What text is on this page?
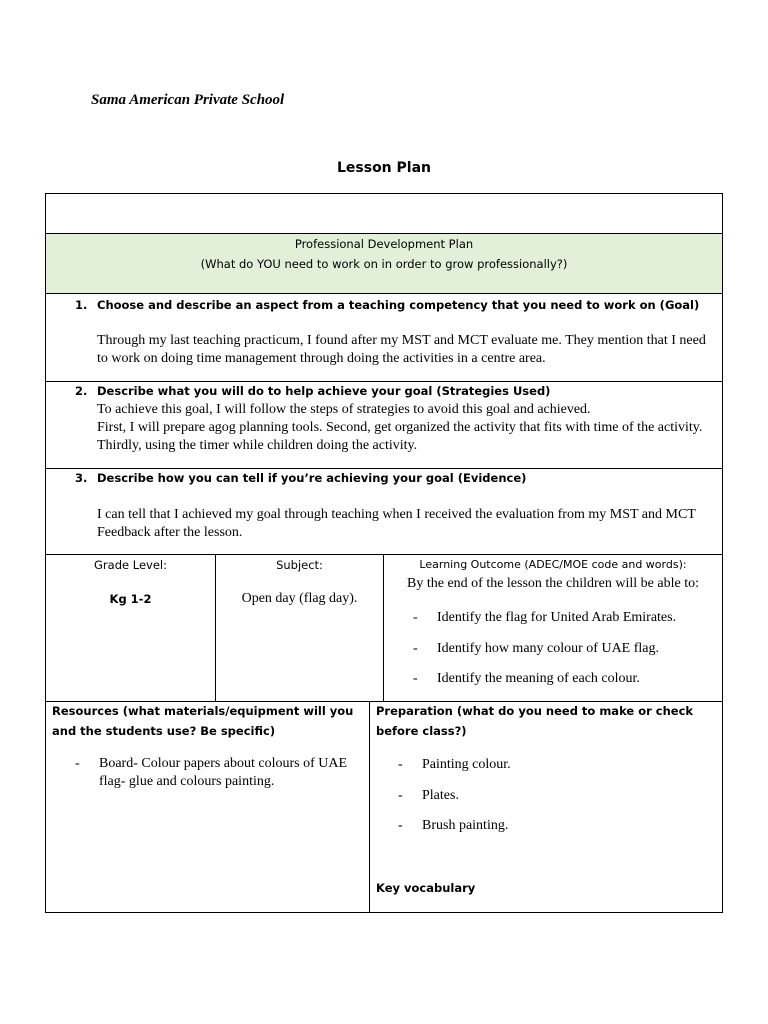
Sama American Private School
Lesson Plan
Professional Development Plan
(What do YOU need to work on in order to grow professionally?)
1. Choose and describe an aspect from a teaching competency that you need to work on (Goal)
Through my last teaching practicum, I found after my MST and MCT evaluate me. They mention that I need to work on doing time management through doing the activities in a centre area.
2. Describe what you will do to help achieve your goal (Strategies Used)
To achieve this goal, I will follow the steps of strategies to avoid this goal and achieved.
First, I will prepare agog planning tools. Second, get organized the activity that fits with time of the activity. Thirdly, using the timer while children doing the activity.
3. Describe how you can tell if you’re achieving your goal (Evidence)
I can tell that I achieved my goal through teaching when I received the evaluation from my MST and MCT Feedback after the lesson.
Grade Level:
Kg 1-2
Subject:
Open day (flag day).
Learning Outcome (ADEC/MOE code and words):
By the end of the lesson the children will be able to:
- Identify the flag for United Arab Emirates.
- Identify how many colour of UAE flag.
- Identify the meaning of each colour.
Resources (what materials/equipment will you and the students use? Be specific)
- Board- Colour papers about colours of UAE flag- glue and colours painting.
Preparation (what do you need to make or check before class?)
- Painting colour.
- Plates.
- Brush painting.
Key vocabulary
